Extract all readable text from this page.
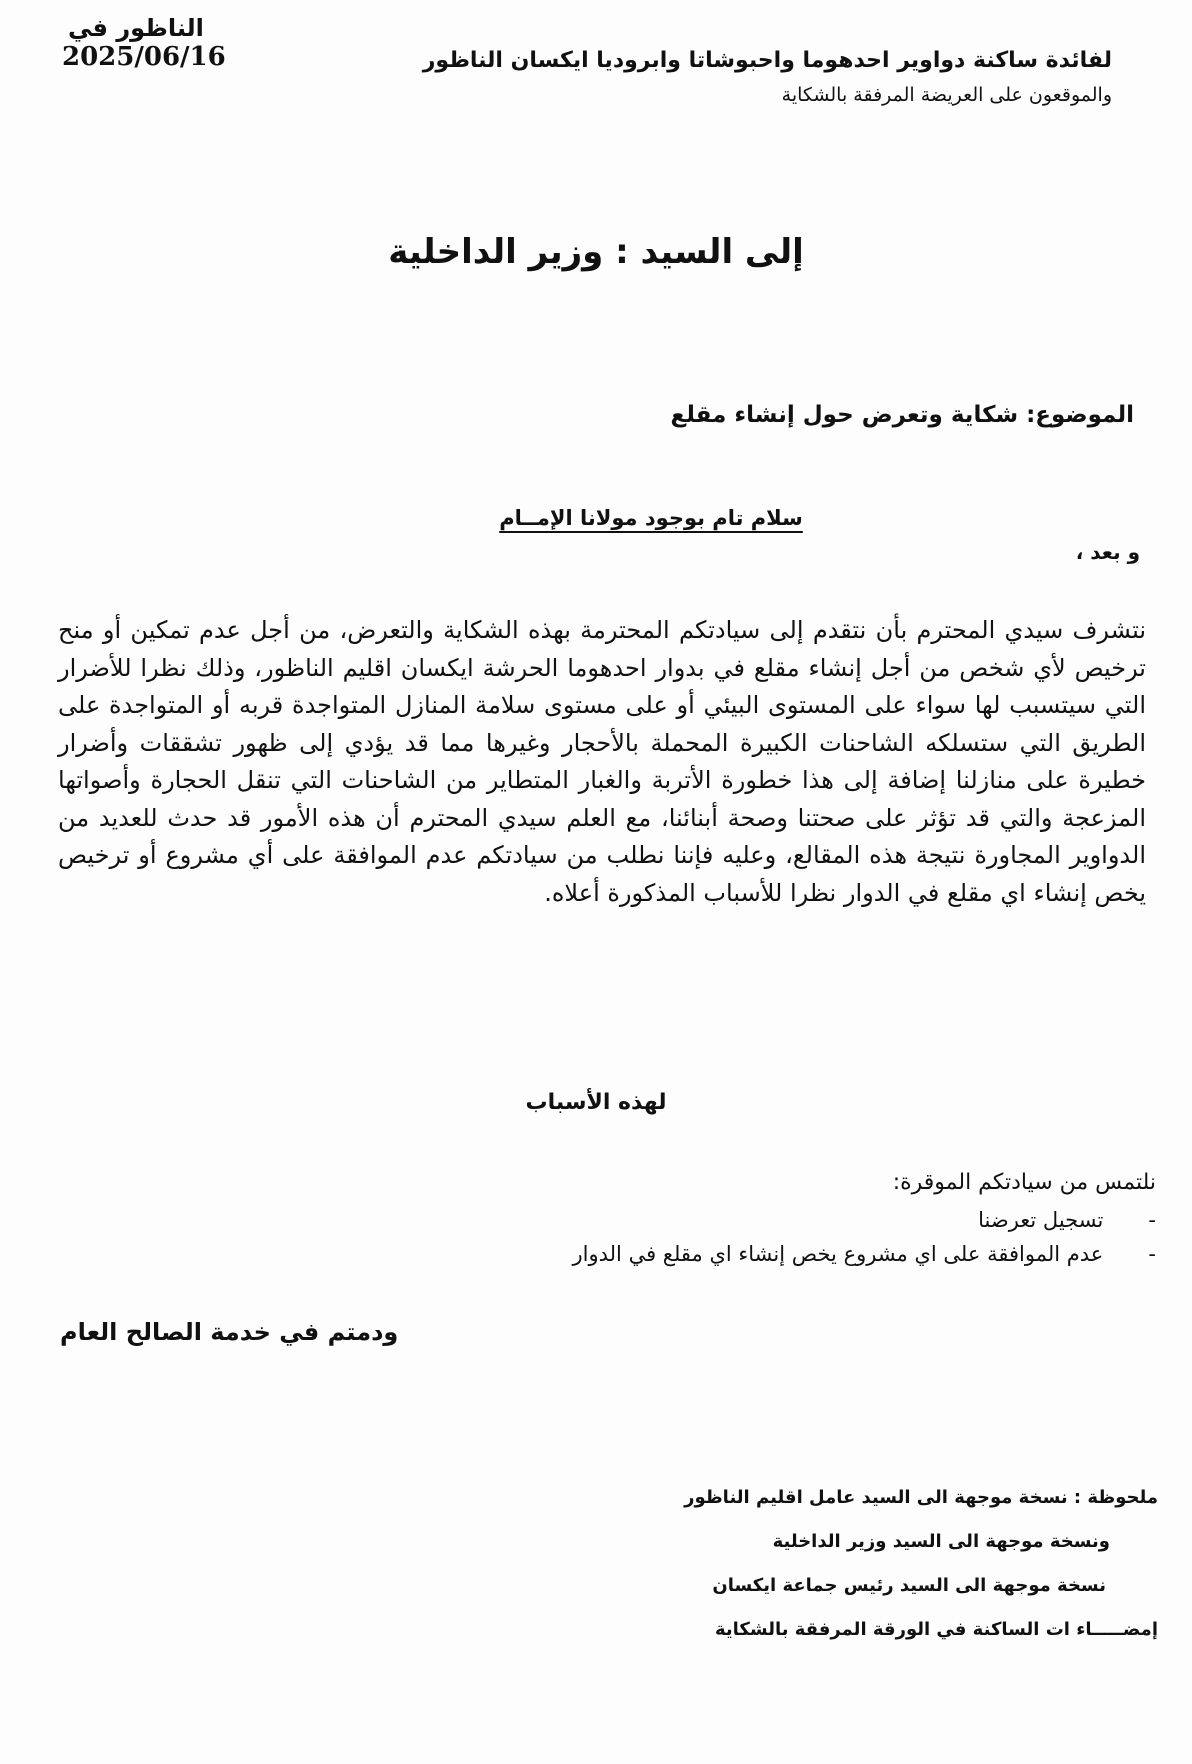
الناظور في 2025/06/16	لفائدة ساكنة دواوير احدهوما واحبوشاتا وابروديا ايكسان الناظور
والموقعون على العريضة المرفقة بالشكاية
إلى السيد : وزير الداخلية
الموضوع: شكاية وتعرض حول إنشاء مقلع
سلام تام بوجود مولانا الإمــام
و بعد ،
نتشرف سيدي المحترم بأن نتقدم إلى سيادتكم المحترمة بهذه الشكاية والتعرض، من أجل عدم تمكين أو منح ترخيص لأي شخص من أجل إنشاء مقلع في بدوار احدهوما الحرشة ايكسان اقليم الناظور، وذلك نظرا للأضرار التي سيتسبب لها سواء على المستوى البيئي أو على مستوى سلامة المنازل المتواجدة قربه أو المتواجدة على الطريق التي ستسلكه الشاحنات الكبيرة المحملة بالأحجار وغيرها مما قد يؤدي إلى ظهور تشققات وأضرار خطيرة على منازلنا إضافة إلى هذا خطورة الأتربة والغبار المتطاير من الشاحنات التي تنقل الحجارة وأصواتها المزعجة والتي قد تؤثر على صحتنا وصحة أبنائنا، مع العلم سيدي المحترم أن هذه الأمور قد حدث للعديد من الدواوير المجاورة نتيجة هذه المقالع، وعليه فإننا نطلب من سيادتكم عدم الموافقة على أي مشروع أو ترخيص يخص إنشاء اي مقلع في الدوار نظرا للأسباب المذكورة أعلاه.
لهذه الأسباب
نلتمس من سيادتكم الموقرة:
- تسجيل تعرضنا
- عدم الموافقة على اي مشروع يخص إنشاء اي مقلع في الدوار
ودمتم في خدمة الصالح العام
ملحوظة : نسخة موجهة الى السيد عامل اقليم الناظور
ونسخة موجهة الى السيد وزير الداخلية
نسخة موجهة الى السيد رئيس جماعة ايكسان
إمضـــــاء ات الساكنة في الورقة المرفقة بالشكاية
